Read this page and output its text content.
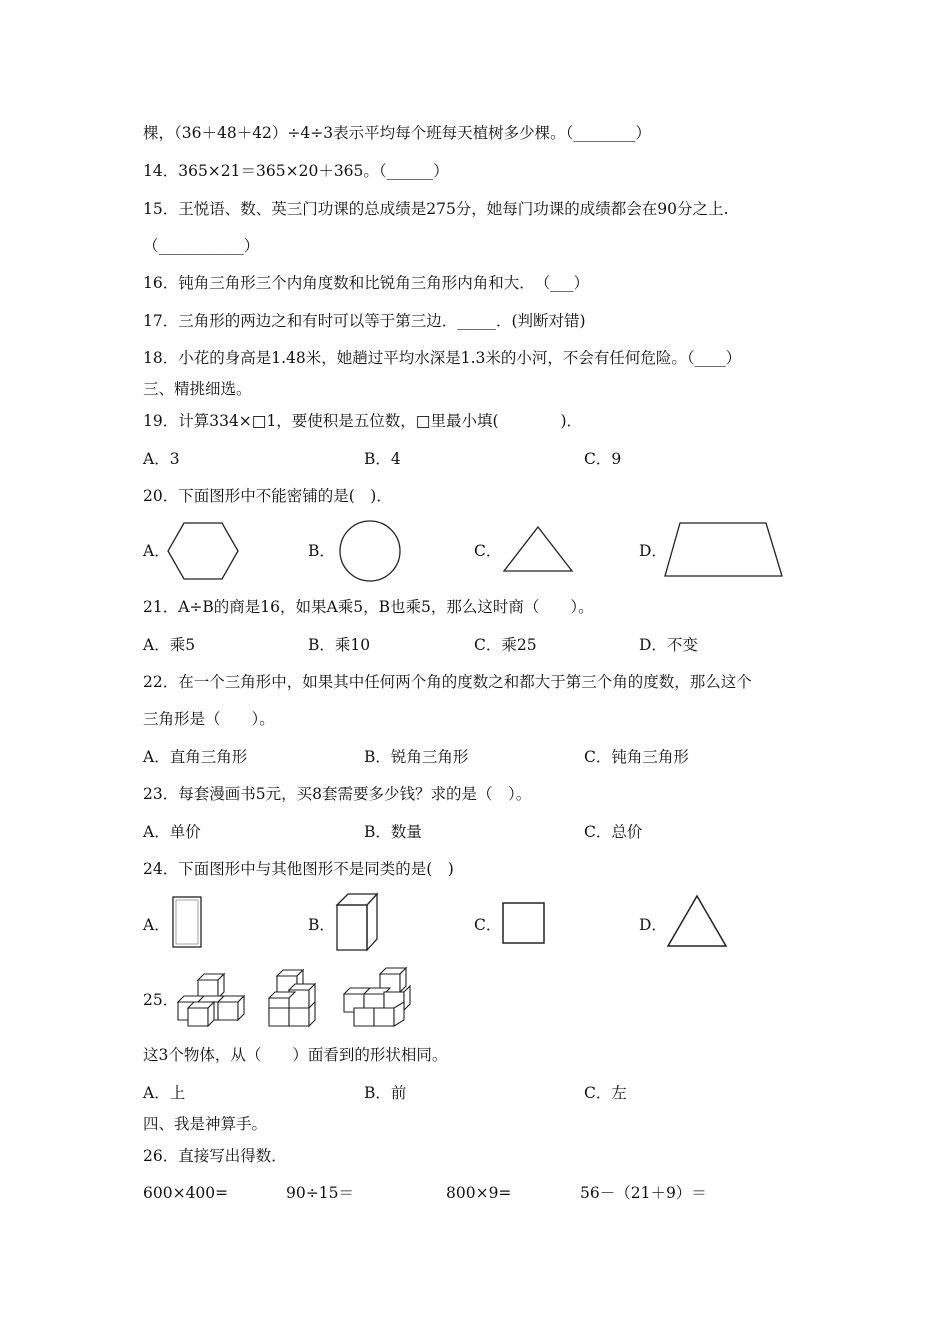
棵，（36＋48＋42）÷4÷3表示平均每个班每天植树多少棵。（________）
14．365×21＝365×20＋365。（______）
15．王悦语、数、英三门功课的总成绩是275分，她每门功课的成绩都会在90分之上.
（___________）
16．钝角三角形三个内角度数和比锐角三角形内角和大．　（___）
17．三角形的两边之和有时可以等于第三边．_____．(判断对错)
18．小花的身高是1.48米，她趟过平均水深是1.3米的小河，不会有任何危险。（____）
三、精挑细选。
19．计算334×□1，要使积是五位数，□里最小填(　　　　)．
A．3	B．4	C．9
20．下面图形中不能密铺的是(　)．
A．	B．	C．	D．
21．A÷B的商是16，如果A乘5，B也乘5，那么这时商（　　）。
A．乘5	B．乘10	C．乘25	D．不变
22．在一个三角形中，如果其中任何两个角的度数之和都大于第三个角的度数，那么这个
三角形是（　　）。
A．直角三角形	B．锐角三角形	C．钝角三角形
23．每套漫画书5元，买8套需要多少钱？求的是（　）。
A．单价	B．数量	C．总价
24．下面图形中与其他图形不是同类的是(　)
A．	B．	C．	D．
25．
这3个物体，从（　　）面看到的形状相同。
A．上	B．前	C．左
四、我是神算手。
26．直接写出得数．
600×400=	90÷15＝	800×9=	56－（21＋9）＝
